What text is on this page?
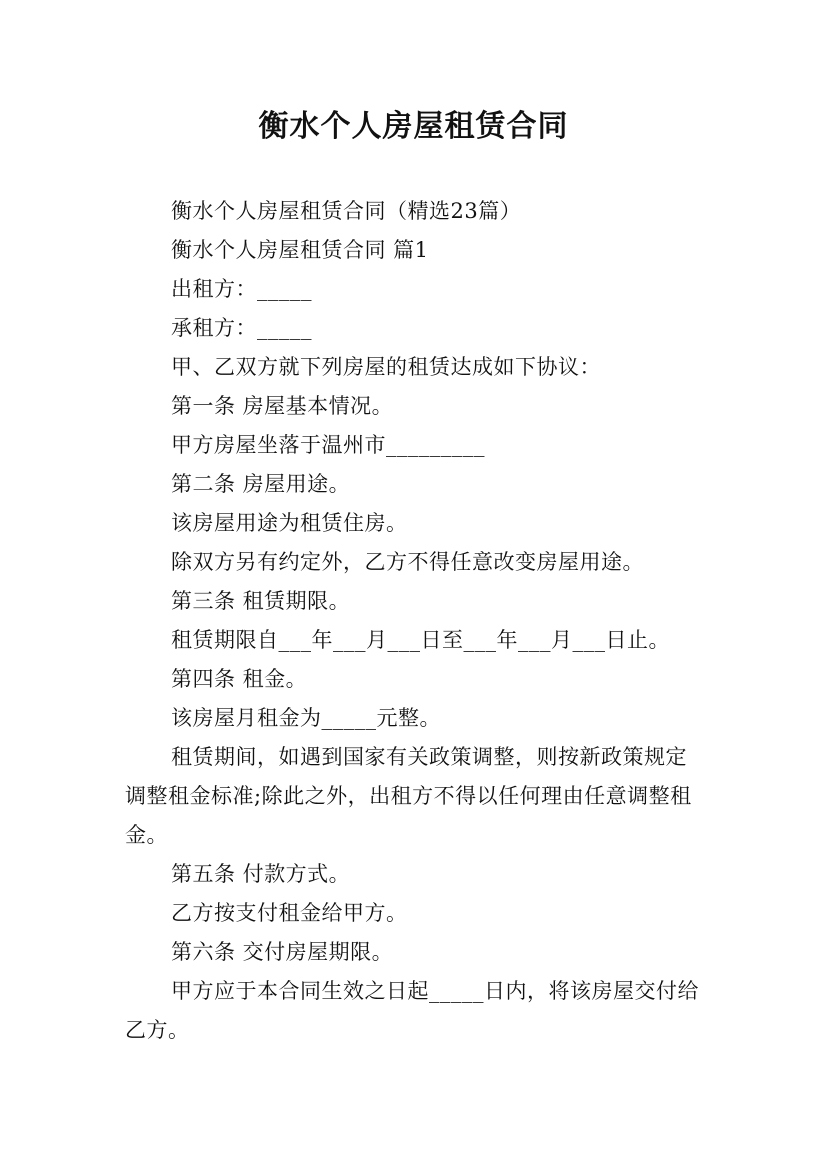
衡水个人房屋租赁合同

衡水个人房屋租赁合同（精选23篇）

衡水个人房屋租赁合同 篇1

出租方：_____

承租方：_____

甲、乙双方就下列房屋的租赁达成如下协议：

第一条 房屋基本情况。

甲方房屋坐落于温州市_________

第二条 房屋用途。

该房屋用途为租赁住房。

除双方另有约定外，乙方不得任意改变房屋用途。

第三条 租赁期限。

租赁期限自___年___月___日至___年___月___日止。

第四条 租金。

该房屋月租金为_____元整。

租赁期间，如遇到国家有关政策调整，则按新政策规定调整租金标准;除此之外，出租方不得以任何理由任意调整租金。

第五条 付款方式。

乙方按支付租金给甲方。

第六条 交付房屋期限。

甲方应于本合同生效之日起_____日内，将该房屋交付给乙方。
